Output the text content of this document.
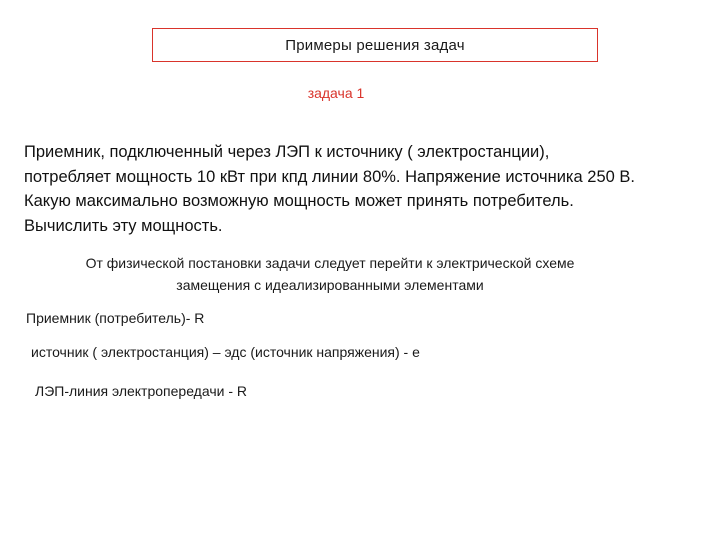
Примеры решения задач
задача 1
Приемник, подключенный через ЛЭП к источнику ( электростанции),
потребляет мощность 10 кВт при кпд линии 80%. Напряжение источника 250 В.
Какую максимально возможную мощность может принять потребитель.
Вычислить эту мощность.
От физической постановки задачи следует перейти к электрической схеме
замещения с идеализированными элементами
Приемник (потребитель)- R
источник ( электростанция) – эдс (источник напряжения) - е
ЛЭП-линия электропередачи - R
